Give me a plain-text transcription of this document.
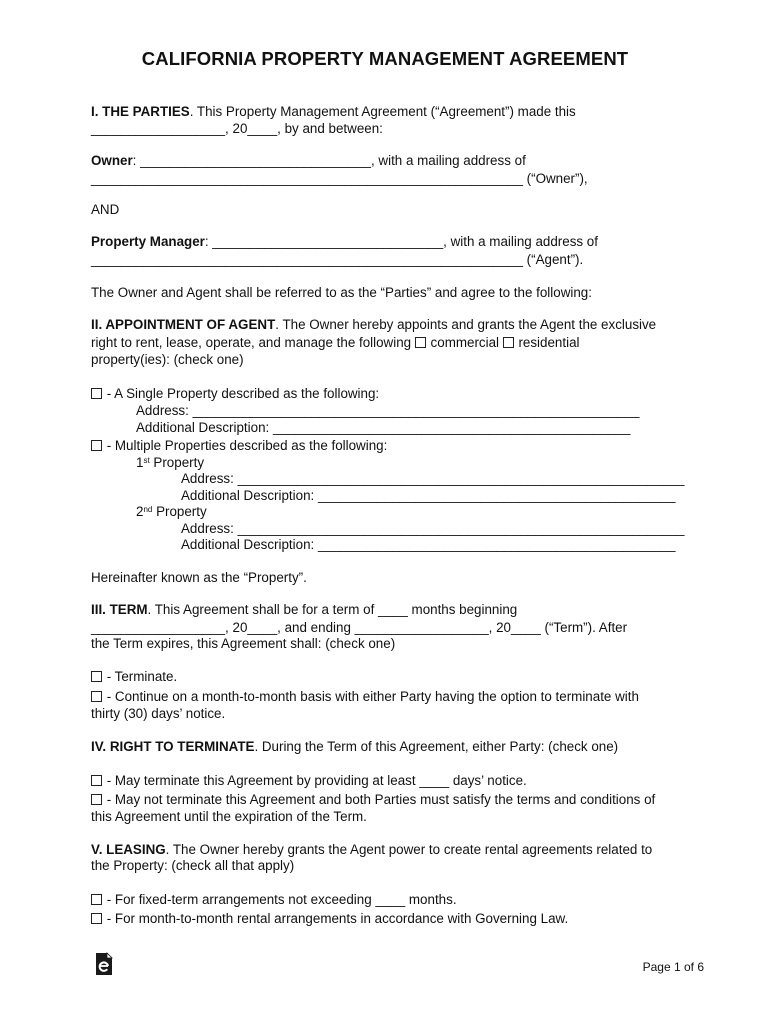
CALIFORNIA PROPERTY MANAGEMENT AGREEMENT
I. THE PARTIES. This Property Management Agreement (“Agreement”) made this
__________________, 20____, by and between:
Owner: _______________________________, with a mailing address of
__________________________________________________________ (“Owner”),
AND
Property Manager: _______________________________, with a mailing address of
__________________________________________________________ (“Agent”).
The Owner and Agent shall be referred to as the “Parties” and agree to the following:
II. APPOINTMENT OF AGENT. The Owner hereby appoints and grants the Agent the exclusive
right to rent, lease, operate, and manage the following  commercial  residential
property(ies): (check one)
- A Single Property described as the following:
Address: ____________________________________________________________
Additional Description: ________________________________________________
- Multiple Properties described as the following:
1st Property
Address: ____________________________________________________________
Additional Description: ________________________________________________
2nd Property
Address: ____________________________________________________________
Additional Description: ________________________________________________
Hereinafter known as the “Property”.
III. TERM. This Agreement shall be for a term of ____ months beginning
__________________, 20____, and ending __________________, 20____ (“Term”). After
the Term expires, this Agreement shall: (check one)
- Terminate.
- Continue on a month-to-month basis with either Party having the option to terminate with
thirty (30) days’ notice.
IV. RIGHT TO TERMINATE. During the Term of this Agreement, either Party: (check one)
- May terminate this Agreement by providing at least ____ days’ notice.
- May not terminate this Agreement and both Parties must satisfy the terms and conditions of
this Agreement until the expiration of the Term.
V. LEASING. The Owner hereby grants the Agent power to create rental agreements related to
the Property: (check all that apply)
- For fixed-term arrangements not exceeding ____ months.
- For month-to-month rental arrangements in accordance with Governing Law.
Page 1 of 6
